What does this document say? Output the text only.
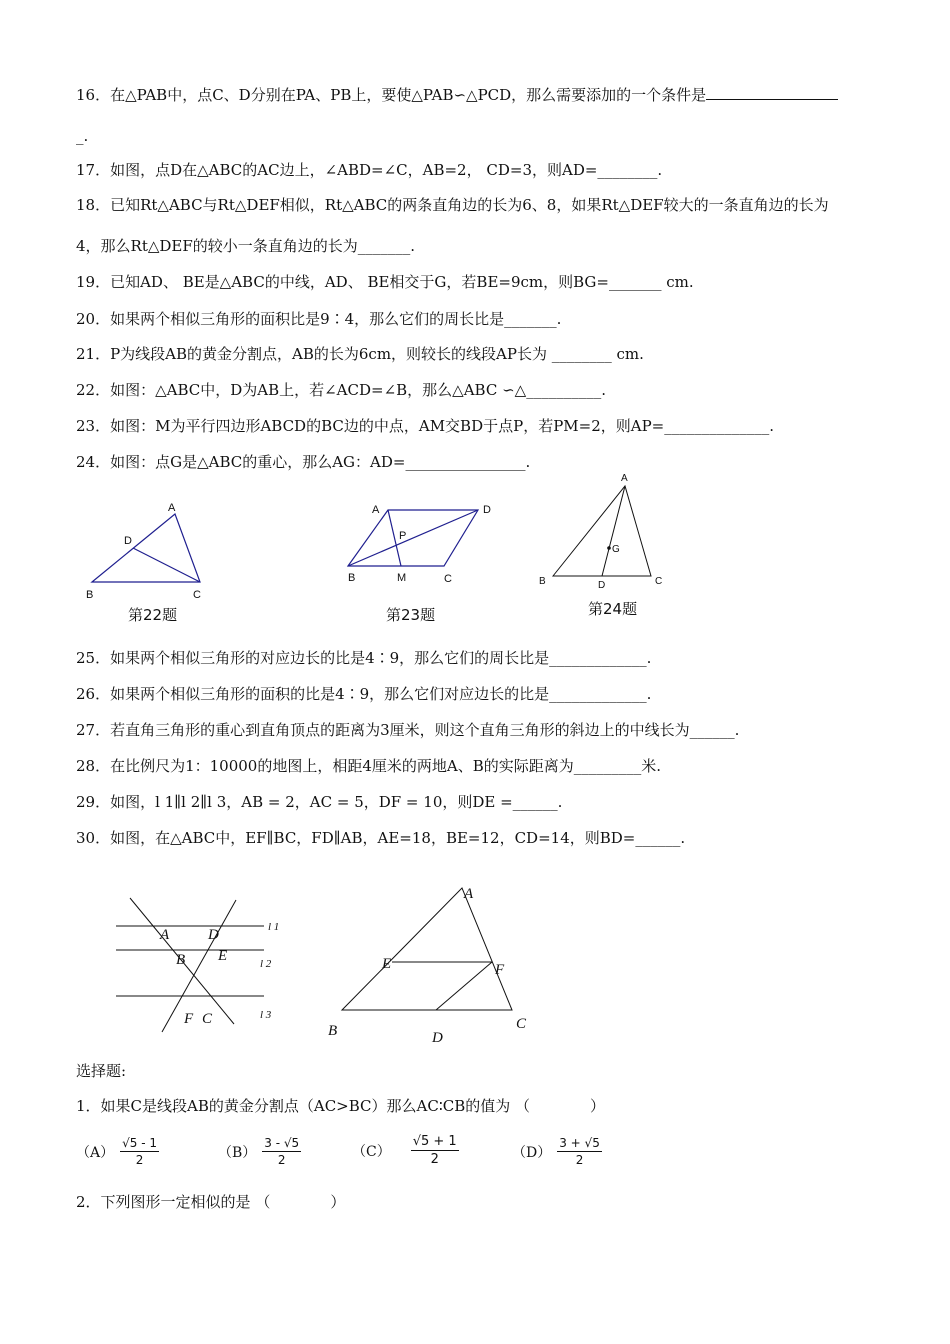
16．在△PAB中，点C、D分别在PA、PB上，要使△PAB∽△PCD，那么需要添加的一个条件是
_.
17．如图，点D在△ABC的AC边上，∠ABD=∠C，AB=2， CD=3，则AD=________.
18．已知Rt△ABC与Rt△DEF相似，Rt△ABC的两条直角边的长为6、8，如果Rt△DEF较大的一条直角边的长为
4，那么Rt△DEF的较小一条直角边的长为_______.
19．已知AD、 BE是△ABC的中线，AD、 BE相交于G，若BE=9cm，则BG=_______ cm.
20．如果两个相似三角形的面积比是9∶4，那么它们的周长比是_______.
21．P为线段AB的黄金分割点，AB的长为6cm，则较长的线段AP长为 ________ cm.
22．如图：△ABC中，D为AB上，若∠ACD=∠B，那么△ABC ∽△__________.
23．如图：M为平行四边形ABCD的BC边的中点，AM交BD于点P，若PM=2，则AP=______________.
24．如图：点G是△ABC的重心，那么AG：AD=________________.
A
D
B	C
第22题
A	D
P
B	M	C
第23题
A
G
B	D	C
第24题
25．如果两个相似三角形的对应边长的比是4∶9，那么它们的周长比是_____________.
26．如果两个相似三角形的面积的比是4∶9，那么它们对应边长的比是_____________.
27．若直角三角形的重心到直角顶点的距离为3厘米，则这个直角三角形的斜边上的中线长为______.
28．在比例尺为1：10000的地图上，相距4厘米的两地A、B的实际距离为_________米.
29．如图，l 1∥l 2∥l 3，AB = 2，AC = 5，DF = 10，则DE =______.
30．如图，在△ABC中，EF∥BC，FD∥AB，AE=18，BE=12，CD=14，则BD=______.
A	D
E
B
F C
l 1
l 2
l 3
A
E	F
B	D
C
选择题:
1．如果C是线段AB的黄金分割点（AC>BC）那么AC∶CB的值为 （　　　　）
$(A) \frac{√5 - 1}{2}$	$(B) \frac{3 - √5}{2}$	$(C) \frac{√5 + 1}{2}$	$(D) \frac{3 + √5}{2}$
2．下列图形一定相似的是 （　　　　）
